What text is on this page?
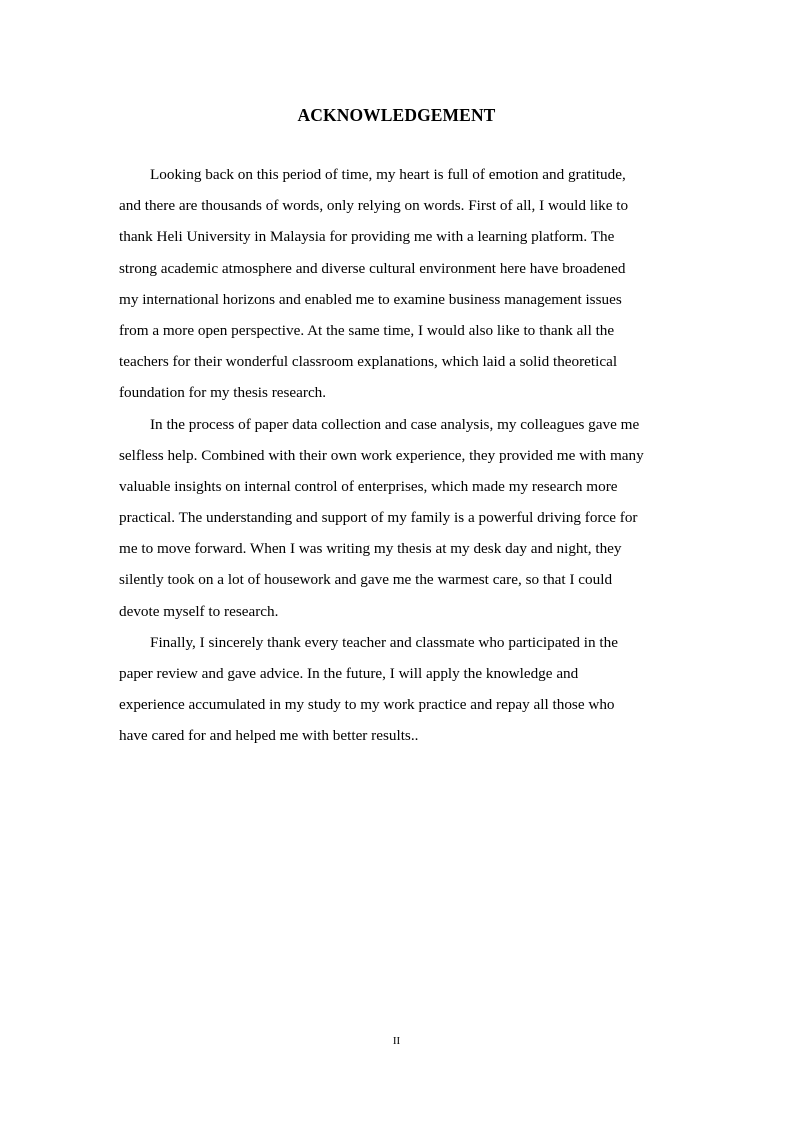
ACKNOWLEDGEMENT
Looking back on this period of time, my heart is full of emotion and gratitude,
and there are thousands of words, only relying on words. First of all, I would like to
thank Heli University in Malaysia for providing me with a learning platform. The
strong academic atmosphere and diverse cultural environment here have broadened
my international horizons and enabled me to examine business management issues
from a more open perspective. At the same time, I would also like to thank all the
teachers for their wonderful classroom explanations, which laid a solid theoretical
foundation for my thesis research.
In the process of paper data collection and case analysis, my colleagues gave me
selfless help. Combined with their own work experience, they provided me with many
valuable insights on internal control of enterprises, which made my research more
practical. The understanding and support of my family is a powerful driving force for
me to move forward. When I was writing my thesis at my desk day and night, they
silently took on a lot of housework and gave me the warmest care, so that I could
devote myself to research.
Finally, I sincerely thank every teacher and classmate who participated in the
paper review and gave advice. In the future, I will apply the knowledge and
experience accumulated in my study to my work practice and repay all those who
have cared for and helped me with better results..
II
